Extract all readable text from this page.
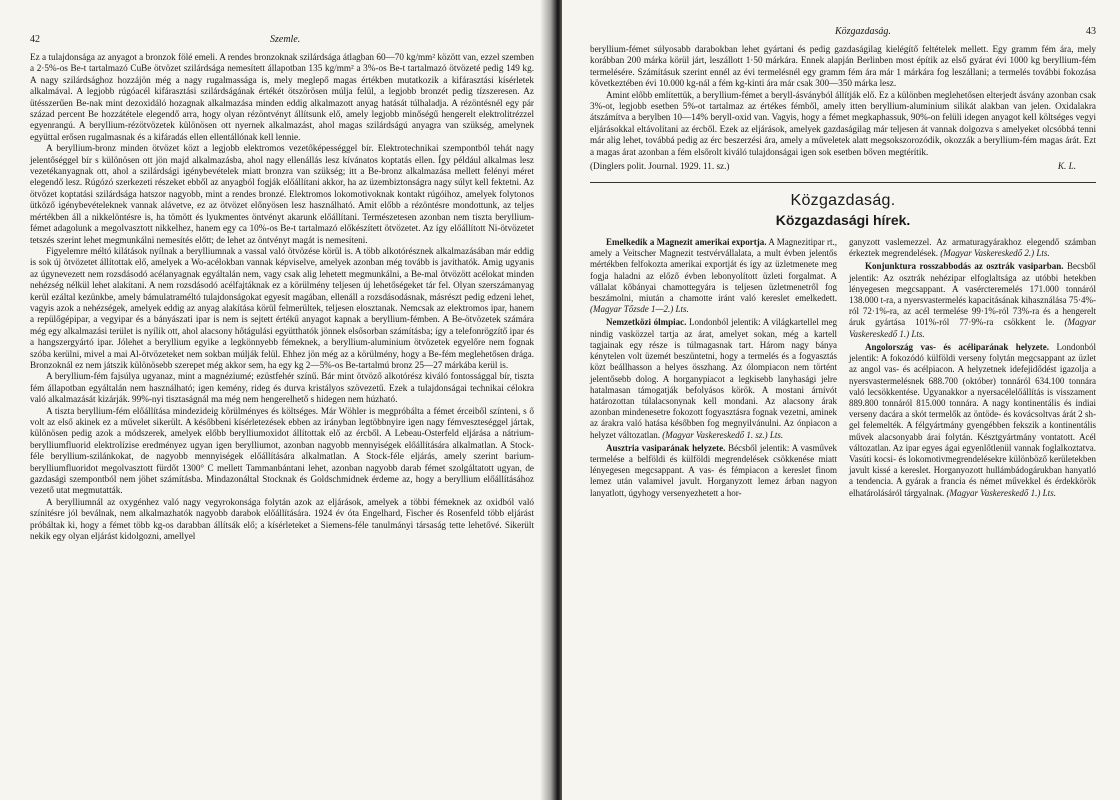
42	Szemle.

Ez a tulajdonsága az anyagot a bronzok fölé emeli. A rendes bronzoknak szilárdsága átlagban 60—70 kg/mm² között van, ezzel szemben a 2·5%-os Be-t tartalmazó CuBe ötvözet szilárdsága nemesített állapotban 135 kg/mm² a 3%-os Be-t tartalmazó ötvözeté pedig 149 kg. A nagy szilárdsághoz hozzájön még a nagy rugalmassága is, mely meglepő magas értékben mutatkozik a kifárasztási kísérletek alkalmával. A legjobb rúgóacél kifárasztási szilárdságának értékét ötszörösen múlja felül, a legjobb bronzét pedig tízszeresen. Az ütésszerűen Be-nak mint dezoxidáló hozagnak alkalmazása minden eddig alkalmazott anyag hatását túlhaladja. A rézöntésnél egy pár század percent Be hozzátétele elegendő arra, hogy olyan rézöntvényt állítsunk elő, amely legjobb minőségű hengerelt elektrolitrézzel egyenrangú. A beryllium-rézötvözetek különösen ott nyernek alkalmazást, ahol magas szilárdságú anyagra van szükség, amelynek együttal erősen rugalmasnak és a kifáradás ellen ellentállónak kell lennie.

A beryllium-bronz minden ötvözet közt a legjobb elektromos vezetőképességgel bír. Elektrotechnikai szempontból tehát nagy jelentőséggel bír s különösen ott jön majd alkalmazásba, ahol nagy ellenállás lesz kívánatos koptatás ellen. Így például alkalmas lesz vezetékanyagnak ott, ahol a szilárdsági igénybevételek miatt bronzra van szükség; itt a Be-bronz alkalmazása mellett felényi méret elegendő lesz. Rúgózó szerkezeti részeket ebből az anyagból fogják előállítani akkor, ha az üzembiztonságra nagy súlyt kell fektetni. Az ötvözet koptatási szilárdsága hatszor nagyobb, mint a rendes bronzé. Elektromos lokomotivoknak kontakt rúgóihoz, amelyek folytonos ütköző igénybevételeknek vannak alávetve, ez az ötvözet előnyösen lesz használható. Amit előbb a rézöntésre mondottunk, az teljes mértékben áll a nikkelöntésre is, ha tömött és lyukmentes öntvényt akarunk előállítani. Természetesen azonban nem tiszta beryllium-fémet adagolunk a megolvasztott nikkelhez, hanem egy ca 10%-os Be-t tartalmazó előkészített ötvözetet. Az így előállított Ni-ötvözetet tetszés szerint lehet megmunkálni nemesítés előtt; de lehet az öntvényt magát is nemesíteni.

Figyelemre méltó kilátások nyílnak a berylliumnak a vassal való ötvözése körül is. A több alkotórésznek alkalmazásában már eddig is sok új ötvözetet állítottak elő, amelyek a Wo-acélokban vannak képviselve, amelyek azonban még tovább is javíthatók. Amig ugyanis az úgynevezett nem rozsdásodó acélanyagnak egyáltalán nem, vagy csak alig lehetett megmunkálni, a Be-mal ötvözött acélokat minden nehézség nélkül lehet alakítani. A nem rozsdásodó acélfajtáknak ez a körülmény teljesen új lehetőségeket tár fel. Olyan szerszámanyag kerül ezáltal kezünkbe, amely bámulatraméltó tulajdonságokat egyesít magában, ellenáll a rozsdásodásnak, másrészt pedig edzeni lehet, vagyis azok a nehézségek, amelyek eddig az anyag alakítása körül felmerültek, teljesen elosztanak. Nemcsak az elektromos ipar, hanem a repülőgépipar, a vegyipar és a bányászati ipar is nem is sejtett értékű anyagot kapnak a beryllium-fémben. A Be-ötvözetek számára még egy alkalmazási terület is nyílik ott, ahol alacsony hőtágulási együtthatók jönnek elsősorban számításba; így a telefonrögzítő ipar és a hangszergyártó ipar. Jólehet a beryllium egyike a legkönnyebb fémeknek, a beryllium-aluminium ötvözetek egyelőre nem fognak szóba kerülni, mivel a mai Al-ötvözeteket nem sokban múlják felül. Ehhez jön még az a körülmény, hogy a Be-fém meglehetősen drága. Bronzoknál ez nem játszik különösebb szerepet még akkor sem, ha egy kg 2—5%-os Be-tartalmú bronz 25—27 márkába kerül is.

A beryllium-fém fajsúlya ugyanaz, mint a magnéziumé; ezüstfehér színű. Bár mint ötvöző alkotórész kiváló fontossággal bír, tiszta fém állapotban egyáltalán nem használható; igen kemény, rideg és durva kristályos szövezetű. Ezek a tulajdonságai technikai célokra való alkalmazását kizárják. 99%-nyi tisztaságnál ma még nem hengerelhető s hidegen nem húzható.

A tiszta beryllium-fém előállítása mindezideig körülményes és költséges. Már Wöhler is megpróbálta a fémet érceiből színteni, s ő volt az első akinek ez a művelet sikerült. A későbbeni kísérletezések ebben az irányban legtöbbnyire igen nagy fémveszteséggel jártak, különösen pedig azok a módszerek, amelyek előbb berylliumoxidot állítottak elő az ércből. A Lebeau-Osterfeld eljárása a nátrium-berylliumfluorid elektrolízise eredményez ugyan igen berylliumot, azonban nagyobb mennyiségek előállítására alkalmatlan. A Stock-féle beryllium-szilánkokat, de nagyobb mennyiségek előállítására alkalmatlan. A Stock-féle eljárás, amely szerint barium-berylliumfluoridot megolvasztott fürdőt 1300° C mellett Tammanbántani lehet, azonban nagyobb darab fémet szolgáltatott ugyan, de gazdasági szempontból nem jöhet számításba. Mindazonáltal Stocknak és Goldschmidnek érdeme az, hogy a beryllium előállításához vezető utat megmutatták.

A berylliumnál az oxygénhez való nagy vegyrokonsága folytán azok az eljárások, amelyek a többi fémeknek az oxidból való színitésre jól beválnak, nem alkalmazhatók nagyobb darabok előállítására. 1924 év óta Engelhard, Fischer és Rosenfeld több eljárást próbáltak ki, hogy a fémet több kg-os darabban állítsák elő; a kísérleteket a Siemens-féle tanulmányi társaság tette lehetővé. Sikerült nekik egy olyan eljárást kidolgozni, amellyel

Közgazdaság.	43

beryllium-fémet súlyosabb darabokban lehet gyártani és pedig gazdaságilag kielégítő feltételek mellett. Egy gramm fém ára, mely korábban 200 márka körül járt, leszállott 1·50 márkára. Ennek alapján Berlinben most építik az első gyárat évi 1000 kg beryllium-fém termelésére. Számításuk szerint ennél az évi termelésnél egy gramm fém ára már 1 márkára fog leszállani; a termelés további fokozása következtében évi 10.000 kg-nál a fém kg-kinti ára már csak 300—350 márka lesz.

Amint előbb említettük, a beryllium-fémet a beryll-ásványból állítják elő. Ez a különben meglehetősen elterjedt ásvány azonban csak 3%-ot, legjobb esetben 5%-ot tartalmaz az értékes fémből, amely itten beryllium-aluminium silikát alakban van jelen. Oxidalakra átszámítva a berylben 10—14% beryll-oxid van. Vagyis, hogy a fémet megkaphassuk, 90%-on felüli idegen anyagot kell költséges vegyi eljárásokkal eltávolítani az ércből. Ezek az eljárások, amelyek gazdaságilag már teljesen át vannak dolgozva s amelyeket olcsóbbá tenni már alig lehet, továbbá pedig az érc beszerzési ára, amely a műveletek alatt megsokszorozódik, okozzák a beryllium-fém magas árát. Ezt a magas árat azonban a fém elsőrolt kiváló tulajdonságai igen sok esetben bőven megtérítik.

(Dinglers polit. Journal. 1929. 11. sz.)	K. L.
Közgazdaság.
Közgazdasági hírek.

Emelkedik a Magnezit amerikai exportja. A Magnezitipar rt., amely a Veitscher Magnezit testvérvállalata, a mult évben jelentős mértékben felfokozta amerikai exportját és így az üzletmenete meg fogja haladni az előző évben lebonyolított üzleti forgalmat. A vállalat kőbányai chamottegyára is teljesen üzletmenetről fog beszámolni, miután a chamotte iránt való kereslet emelkedett. (Magyar Tőzsde 1—2.) Lts.

Nemzetközi ólmpiac. Londonból jelentik: A világkartellel meg nindig vasközzel tartja az árat, amelyet sokan, még a kartell tagjainak egy része is túlmagasnak tart. Három nagy bánya kénytelen volt üzemét beszüntetni, hogy a termelés és a fogyasztás közt beállhasson a helyes összhang. Az ólompiacon nem történt jelentősebb dolog. A horganypiacot a legkisebb lanyhasági jelre hatalmasan támogatják befolyásos körök. A mostani árnívót határozottan túlalacsonynak kell mondani. Az alacsony árak azonban mindenesetre fokozott fogyasztásra fognak vezetni, aminek az árakra való hatása későbben fog megnyilvánulni. Az ónpiacon a helyzet változatlan. (Magyar Vaskereskedő 1. sz.) Lts.

Ausztria vasiparának helyzete. Bécsből jelentik: A vasművek termelése a belföldi és külföldi megrendelések csökkenése miatt lényegesen megcsappant. A vas- és fémpiacon a kereslet finom lemez után valamivel javult. Horganyzott lemez árban nagyon lanyatlott, úgyhogy versenyezhetett a hor-

ganyzott vaslemezzel. Az armaturagyárakhoz elegendő számban érkeztek megrendelések. (Magyar Vaskereskedő 2.) Lts.

Konjunktura rosszabbodás az osztrák vasiparban. Becsből jelentik: Az osztrák nehézipar elfoglaltsága az utóbbi hetekben lényegesen megcsappant. A vasércteremelés 171.000 tonnáról 138.000 t-ra, a nyersvastermelés kapacitásának kihasználása 75·4%-ról 72·1%-ra, az acél termelése 99·1%-ról 73%-ra és a hengerelt áruk gyártása 101%-ról 77·9%-ra csökkent le. (Magyar Vaskereskedő 1.) Lts.

Angolország vas- és acéliparának helyzete. Londonból jelentik: A fokozódó külföldi verseny folytán megcsappant az üzlet az angol vas- és acélpiacon. A helyzetnek idefejidődést igazolja a nyersvastermelésnek 688.700 (október) tonnáról 634.100 tonnára való lecsökkentése. Ugyanakkor a nyersacélelőállítás is visszament 889.800 tonnáról 815.000 tonnára. A nagy kontinentális és indiai verseny dacára a skót termelők az öntöde- és kovácsoltvas árát 2 sh-gel felemelték. A félgyártmány gyengébben fekszik a kontinentális művek alacsonyabb árai folytán. Késztgyártmány vontatott. Acél változatlan. Az ipar egyes ágai egyenlőtlenül vannak foglalkoztatva. Vasúti kocsi- és lokomotivmegrendelésekre különböző kerületekben javult kissé a kereslet. Horganyozott hullámbádogárukban hanyatló a tendencia. A gyárak a francia és német művekkel és érdekkörök elhatárolásáról tárgyalnak. (Magyar Vaskereskedő 1.) Lts.
